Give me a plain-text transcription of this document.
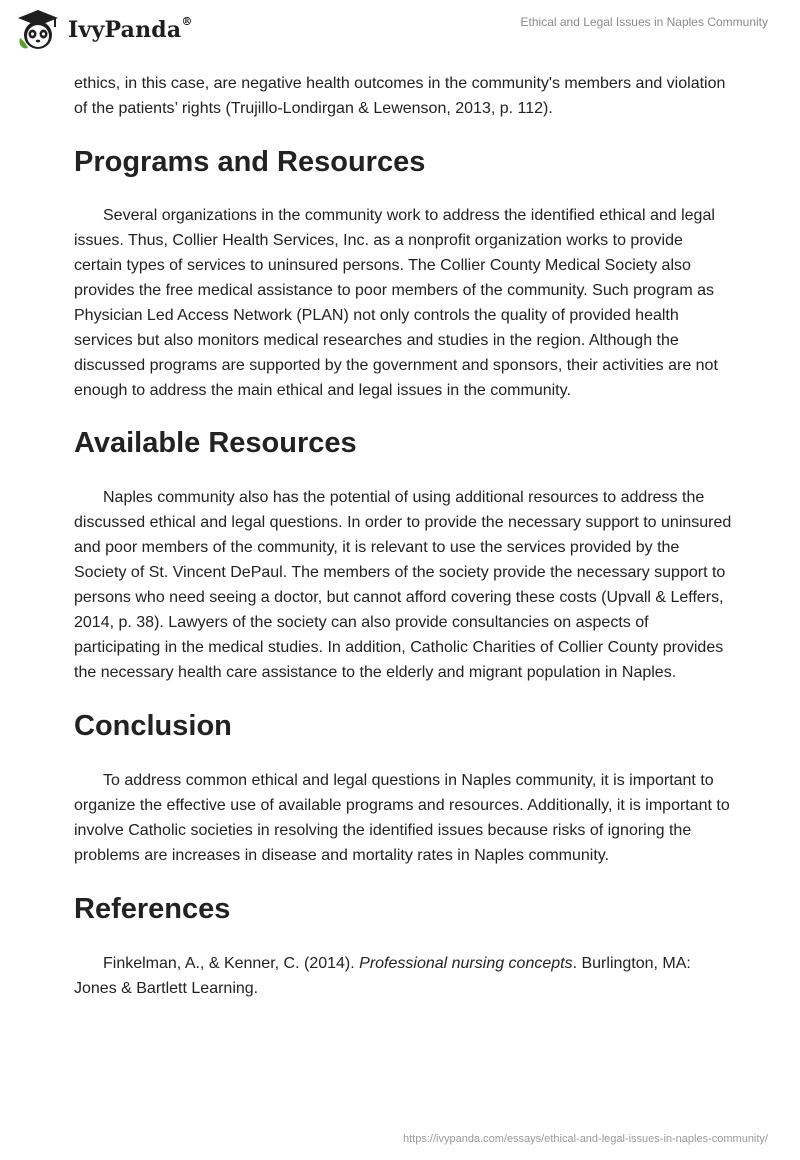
IvyPanda®	Ethical and Legal Issues in Naples Community

ethics, in this case, are negative health outcomes in the community's members and violation of the patients’ rights (Trujillo-Londirgan & Lewenson, 2013, p. 112).

Programs and Resources

Several organizations in the community work to address the identified ethical and legal issues. Thus, Collier Health Services, Inc. as a nonprofit organization works to provide certain types of services to uninsured persons. The Collier County Medical Society also provides the free medical assistance to poor members of the community. Such program as Physician Led Access Network (PLAN) not only controls the quality of provided health services but also monitors medical researches and studies in the region. Although the discussed programs are supported by the government and sponsors, their activities are not enough to address the main ethical and legal issues in the community.

Available Resources

Naples community also has the potential of using additional resources to address the discussed ethical and legal questions. In order to provide the necessary support to uninsured and poor members of the community, it is relevant to use the services provided by the Society of St. Vincent DePaul. The members of the society provide the necessary support to persons who need seeing a doctor, but cannot afford covering these costs (Upvall & Leffers, 2014, p. 38). Lawyers of the society can also provide consultancies on aspects of participating in the medical studies. In addition, Catholic Charities of Collier County provides the necessary health care assistance to the elderly and migrant population in Naples.

Conclusion

To address common ethical and legal questions in Naples community, it is important to organize the effective use of available programs and resources. Additionally, it is important to involve Catholic societies in resolving the identified issues because risks of ignoring the problems are increases in disease and mortality rates in Naples community.

References

Finkelman, A., & Kenner, C. (2014). Professional nursing concepts. Burlington, MA: Jones & Bartlett Learning.

https://ivypanda.com/essays/ethical-and-legal-issues-in-naples-community/
